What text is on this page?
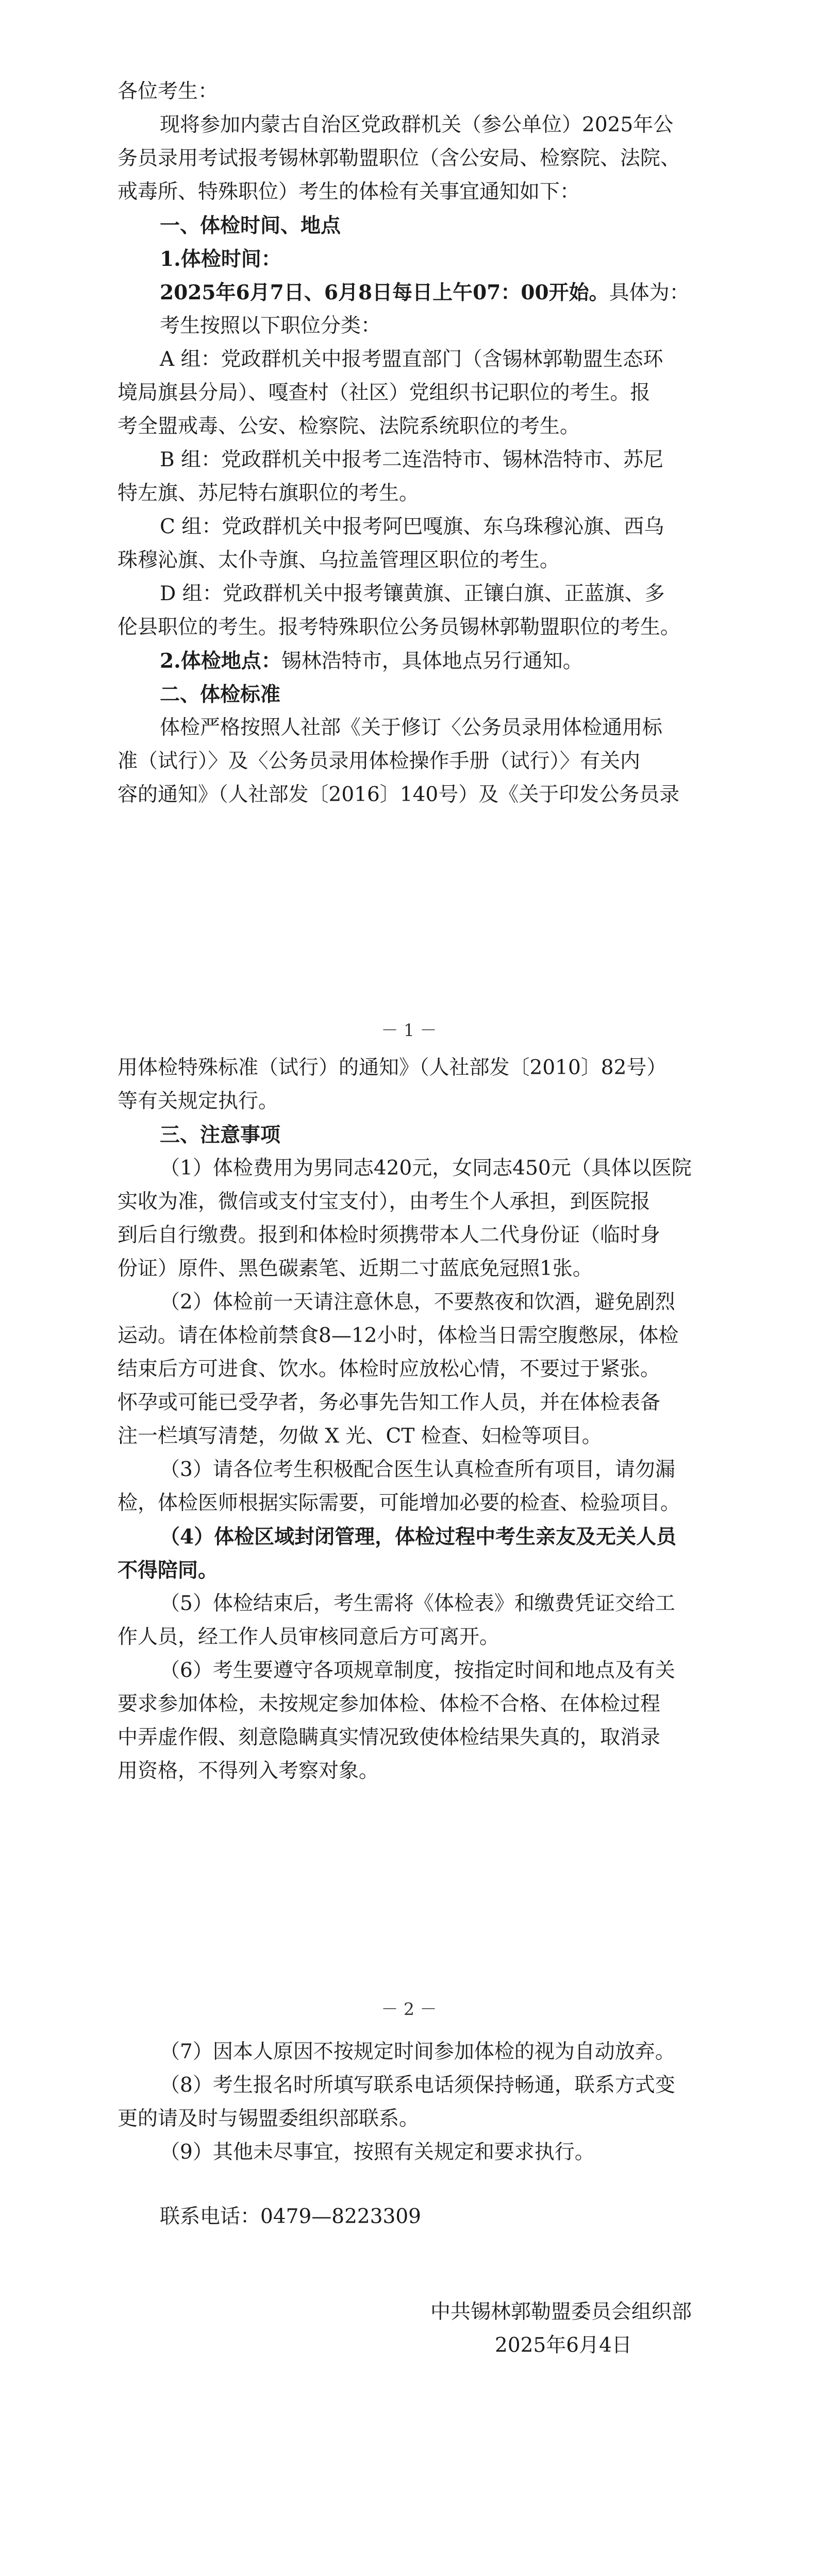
各位考生：
现将参加内蒙古自治区党政群机关（参公单位）2025年公
务员录用考试报考锡林郭勒盟职位（含公安局、检察院、法院、
戒毒所、特殊职位）考生的体检有关事宜通知如下：
一、体检时间、地点
1.体检时间：
2025年6月7日、6月8日每日上午07：00开始。具体为：
考生按照以下职位分类：
A 组：党政群机关中报考盟直部门（含锡林郭勒盟生态环
境局旗县分局）、嘎查村（社区）党组织书记职位的考生。报
考全盟戒毒、公安、检察院、法院系统职位的考生。
B 组：党政群机关中报考二连浩特市、锡林浩特市、苏尼
特左旗、苏尼特右旗职位的考生。
C 组：党政群机关中报考阿巴嘎旗、东乌珠穆沁旗、西乌
珠穆沁旗、太仆寺旗、乌拉盖管理区职位的考生。
D 组：党政群机关中报考镶黄旗、正镶白旗、正蓝旗、多
伦县职位的考生。报考特殊职位公务员锡林郭勒盟职位的考生。
2.体检地点：锡林浩特市，具体地点另行通知。
二、体检标准
体检严格按照人社部《关于修订〈公务员录用体检通用标
准（试行）〉及〈公务员录用体检操作手册（试行）〉有关内
容的通知》（人社部发〔2016〕140号）及《关于印发公务员录
－ 1 －
用体检特殊标准（试行）的通知》（人社部发〔2010〕82号）
等有关规定执行。
三、注意事项
（1）体检费用为男同志420元，女同志450元（具体以医院
实收为准，微信或支付宝支付），由考生个人承担，到医院报
到后自行缴费。报到和体检时须携带本人二代身份证（临时身
份证）原件、黑色碳素笔、近期二寸蓝底免冠照1张。
（2）体检前一天请注意休息，不要熬夜和饮酒，避免剧烈
运动。请在体检前禁食8—12小时，体检当日需空腹憋尿，体检
结束后方可进食、饮水。体检时应放松心情，不要过于紧张。
怀孕或可能已受孕者，务必事先告知工作人员，并在体检表备
注一栏填写清楚，勿做 X 光、CT 检查、妇检等项目。
（3）请各位考生积极配合医生认真检查所有项目，请勿漏
检，体检医师根据实际需要，可能增加必要的检查、检验项目。
（4）体检区域封闭管理，体检过程中考生亲友及无关人员
不得陪同。
（5）体检结束后，考生需将《体检表》和缴费凭证交给工
作人员，经工作人员审核同意后方可离开。
（6）考生要遵守各项规章制度，按指定时间和地点及有关
要求参加体检，未按规定参加体检、体检不合格、在体检过程
中弄虚作假、刻意隐瞒真实情况致使体检结果失真的，取消录
用资格，不得列入考察对象。
－ 2 －
（7）因本人原因不按规定时间参加体检的视为自动放弃。
（8）考生报名时所填写联系电话须保持畅通，联系方式变
更的请及时与锡盟委组织部联系。
（9）其他未尽事宜，按照有关规定和要求执行。
联系电话：0479—8223309
中共锡林郭勒盟委员会组织部
2025年6月4日
